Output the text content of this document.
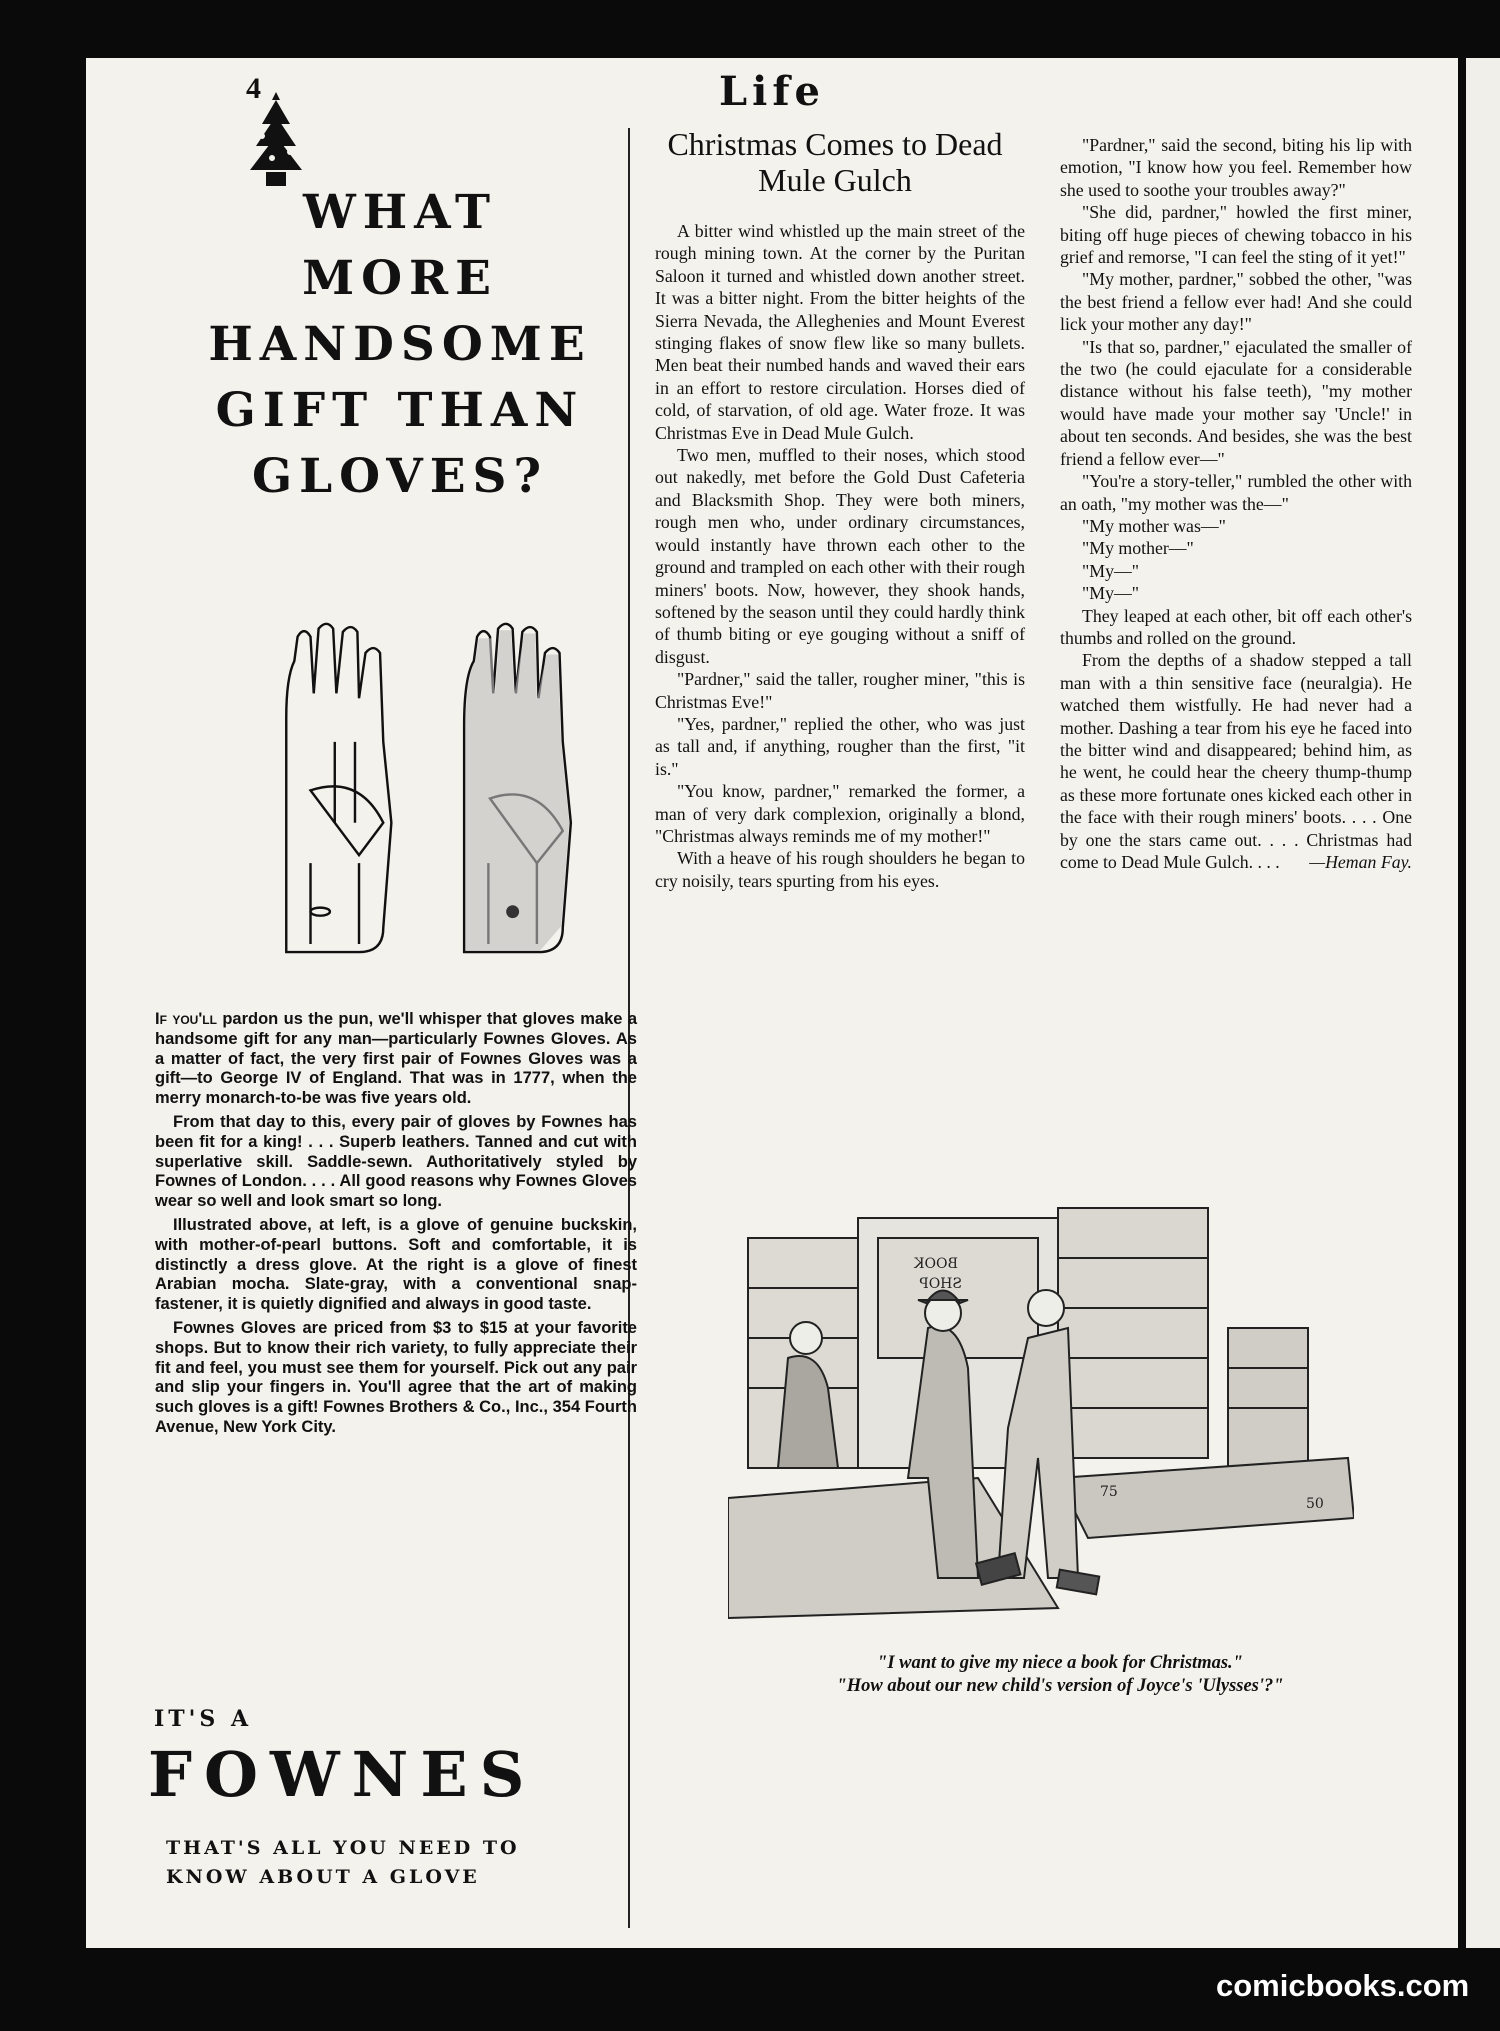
4	Life
WHAT
MORE
HANDSOME
GIFT THAN
GLOVES?

If you'll pardon us the pun, we'll whisper that gloves make a handsome gift for any man—particularly Fownes Gloves. As a matter of fact, the very first pair of Fownes Gloves was a gift—to George IV of England. That was in 1777, when the merry monarch-to-be was five years old.

From that day to this, every pair of gloves by Fownes has been fit for a king! . . . Superb leathers. Tanned and cut with superlative skill. Saddle-sewn. Authoritatively styled by Fownes of London. . . . All good reasons why Fownes Gloves wear so well and look smart so long.

Illustrated above, at left, is a glove of genuine buckskin, with mother-of-pearl buttons. Soft and comfortable, it is distinctly a dress glove. At the right is a glove of finest Arabian mocha. Slate-gray, with a conventional snap-fastener, it is quietly dignified and always in good taste.

Fownes Gloves are priced from $3 to $15 at your favorite shops. But to know their rich variety, to fully appreciate their fit and feel, you must see them for yourself. Pick out any pair and slip your fingers in. You'll agree that the art of making such gloves is a gift! Fownes Brothers & Co., Inc., 354 Fourth Avenue, New York City.

IT'S A
FOWNES
THAT'S ALL YOU NEED TO
KNOW ABOUT A GLOVE
Christmas Comes to Dead Mule Gulch

A bitter wind whistled up the main street of the rough mining town. At the corner by the Puritan Saloon it turned and whistled down another street. It was a bitter night. From the bitter heights of the Sierra Nevada, the Alleghenies and Mount Everest stinging flakes of snow flew like so many bullets. Men beat their numbed hands and waved their ears in an effort to restore circulation. Horses died of cold, of starvation, of old age. Water froze. It was Christmas Eve in Dead Mule Gulch.

Two men, muffled to their noses, which stood out nakedly, met before the Gold Dust Cafeteria and Blacksmith Shop. They were both miners, rough men who, under ordinary circumstances, would instantly have thrown each other to the ground and trampled on each other with their rough miners' boots. Now, however, they shook hands, softened by the season until they could hardly think of thumb biting or eye gouging without a sniff of disgust.

"Pardner," said the taller, rougher miner, "this is Christmas Eve!"

"Yes, pardner," replied the other, who was just as tall and, if anything, rougher than the first, "it is."

"You know, pardner," remarked the former, a man of very dark complexion, originally a blond, "Christmas always reminds me of my mother!"

With a heave of his rough shoulders he began to cry noisily, tears spurting from his eyes.

"Pardner," said the second, biting his lip with emotion, "I know how you feel. Remember how she used to soothe your troubles away?"

"She did, pardner," howled the first miner, biting off huge pieces of chewing tobacco in his grief and remorse, "I can feel the sting of it yet!"

"My mother, pardner," sobbed the other, "was the best friend a fellow ever had! And she could lick your mother any day!"

"Is that so, pardner," ejaculated the smaller of the two (he could ejaculate for a considerable distance without his false teeth), "my mother would have made your mother say 'Uncle!' in about ten seconds. And besides, she was the best friend a fellow ever—"

"You're a story-teller," rumbled the other with an oath, "my mother was the—"

"My mother was—"

"My mother—"

"My—"

"My—"

They leaped at each other, bit off each other's thumbs and rolled on the ground.

From the depths of a shadow stepped a tall man with a thin sensitive face (neuralgia). He watched them wistfully. He had never had a mother. Dashing a tear from his eye he faced into the bitter wind and disappeared; behind him, as he went, he could hear the cheery thump-thump as these more fortunate ones kicked each other in the face with their rough miners' boots. . . . One by one the stars came out. . . . Christmas had come to Dead Mule Gulch. . . .	—Heman Fay.

BOOK
SHOP
75
50
"I want to give my niece a book for Christmas."
"How about our new child's version of Joyce's 'Ulysses'?"
comicbooks.com
